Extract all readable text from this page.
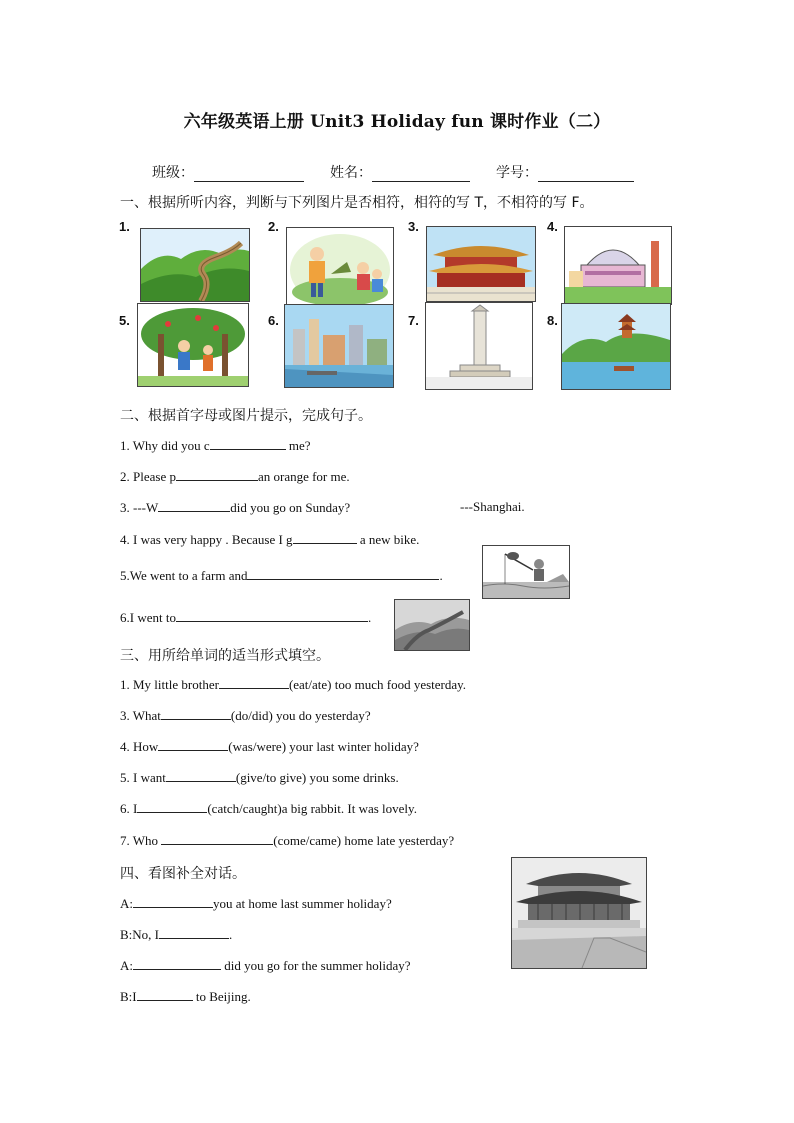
六年级英语上册 Unit3 Holiday fun 课时作业（二）
班级：	姓名：	学号：
一、根据所听内容，判断与下列图片是否相符，相符的写 T，不相符的写 F。
1.	2.	3.	4.
5.	6.	7.	8.
二、根据首字母或图片提示，完成句子。
1. Why did you c	me?
2. Please p	an orange for me.
3. ---W	did you go on Sunday?	---Shanghai.
4. I was very happy . Because I g	a new bike.
5.We went to a farm and	.
6.I went to	.
三、用所给单词的适当形式填空。
1. My little brother	(eat/ate) too much food yesterday.
3. What	(do/did) you do yesterday?
4. How	(was/were) your last winter holiday?
5. I want	(give/to give) you some drinks.
6. I	(catch/caught)a big rabbit. It was lovely.
7. Who	(come/came) home late yesterday?
四、看图补全对话。
A:	you at home last summer holiday?
B:No, I	.
A:	did you go for the summer holiday?
B:I	to Beijing.
